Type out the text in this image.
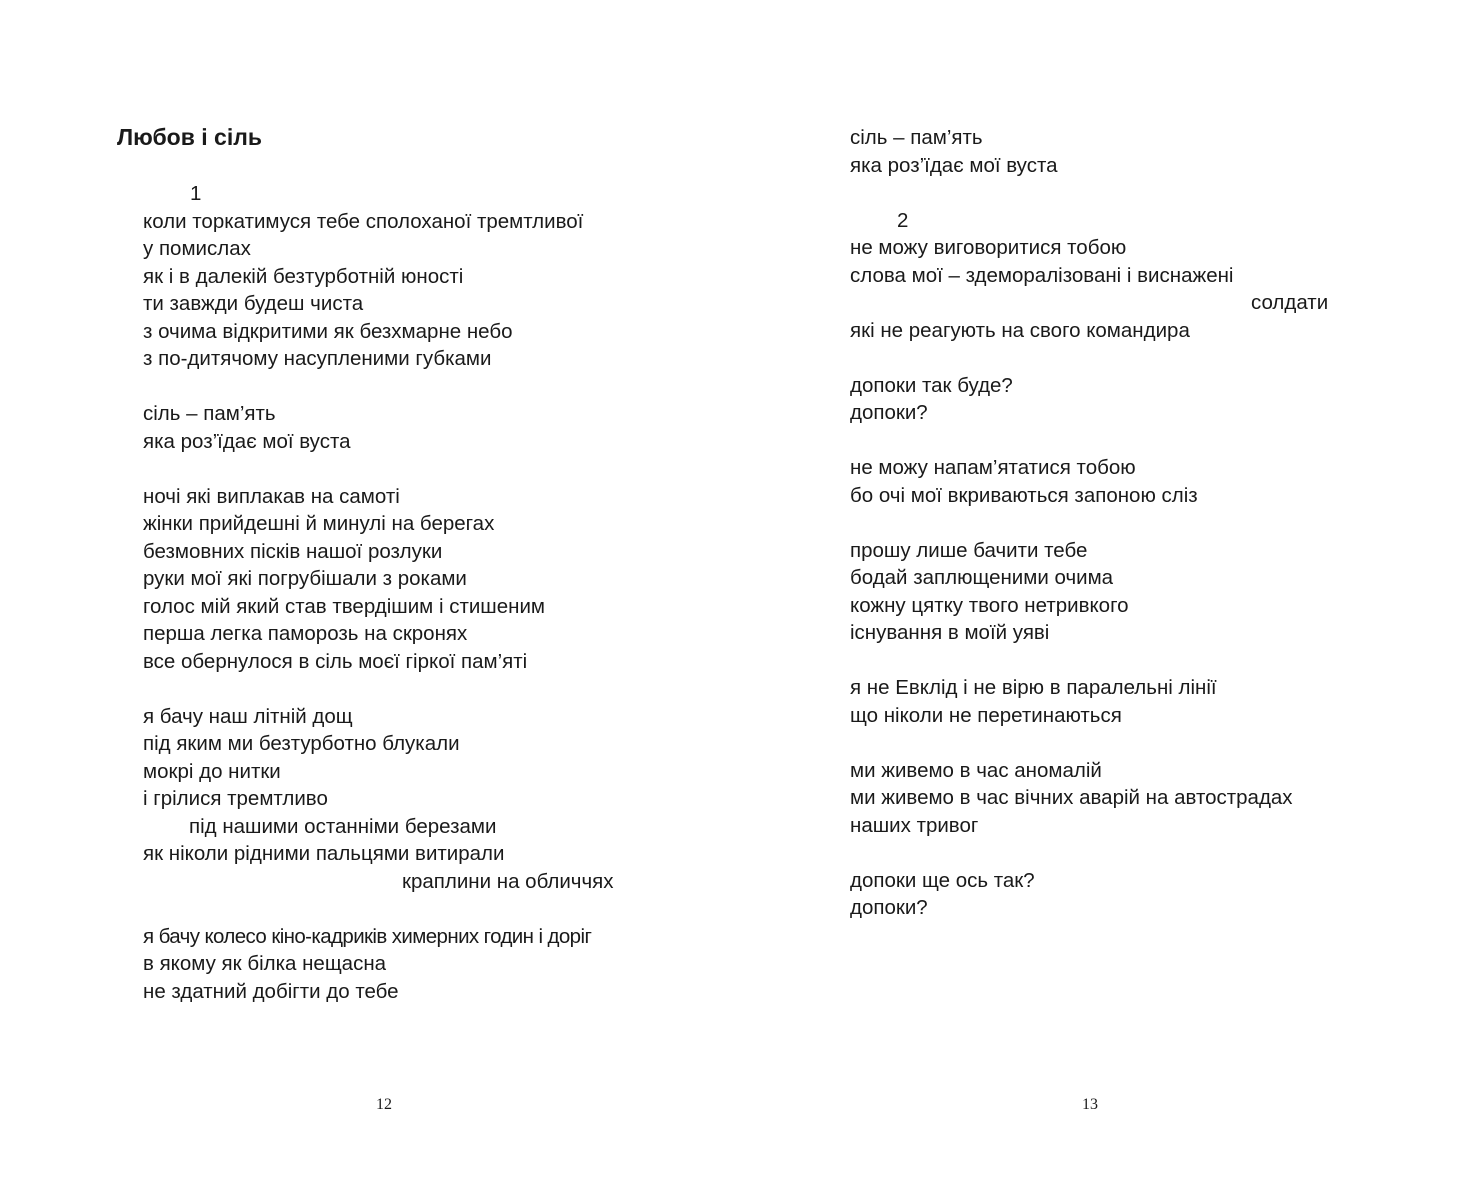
Любов і сіль
1
коли торкатимуся тебе сполоханої тремтливої
у помислах
як і в далекій безтурботній юності
ти завжди будеш чиста
з очима відкритими як безхмарне небо
з по-дитячому насупленими губками
сіль – пам’ять
яка роз’їдає мої вуста
ночі які виплакав на самоті
жінки прийдешні й минулі на берегах
безмовних пісків нашої розлуки
руки мої які погрубішали з роками
голос мій який став твердішим і стишеним
перша легка паморозь на скронях
все обернулося в сіль моєї гіркої пам’яті
я бачу наш літній дощ
під яким ми безтурботно блукали
мокрі до нитки
і грілися тремтливо
під нашими останніми березами
як ніколи рідними пальцями витирали
краплини на обличчях
я бачу колесо кіно-кадриків химерних годин і доріг
в якому як білка нещасна
не здатний добігти до тебе
12
сіль – пам’ять
яка роз’їдає мої вуста
2
не можу виговоритися тобою
слова мої – здеморалізовані і виснажені
солдати
які не реагують на свого командира
допоки так буде?
допоки?
не можу напам’ятатися тобою
бо очі мої вкриваються запоною сліз
прошу лише бачити тебе
бодай заплющеними очима
кожну цятку твого нетривкого
існування в моїй уяві
я не Евклід і не вірю в паралельні лінії
що ніколи не перетинаються
ми живемо в час аномалій
ми живемо в час вічних аварій на автострадах
наших тривог
допоки ще ось так?
допоки?
13
